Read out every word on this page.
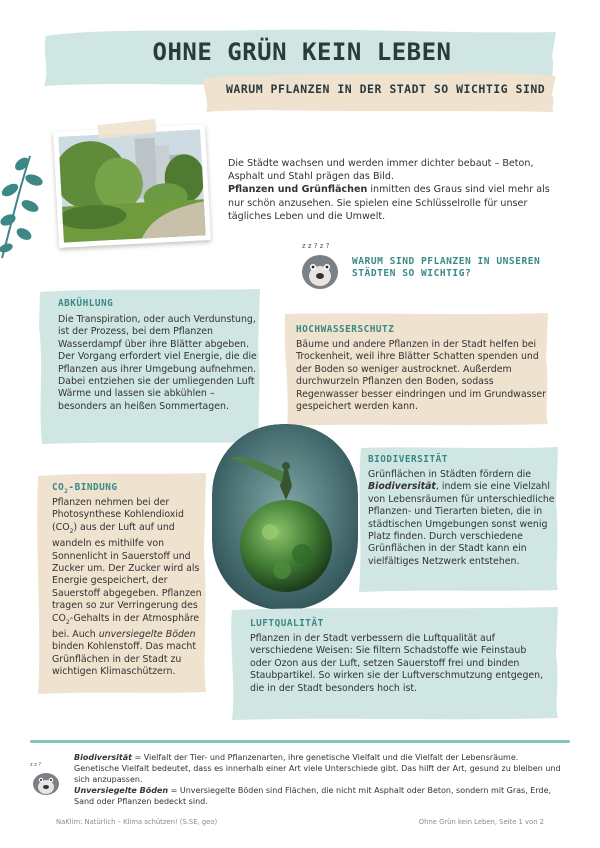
OHNE GRÜN KEIN LEBEN
WARUM PFLANZEN IN DER STADT SO WICHTIG SIND
Die Städte wachsen und werden immer dichter bebaut – Beton, Asphalt und Stahl prägen das Bild.
Pflanzen und Grünflächen inmitten des Graus sind viel mehr als nur schön anzusehen. Sie spielen eine Schlüsselrolle für unser tägliches Leben und die Umwelt.
z z ? z ?
WARUM SIND PFLANZEN IN UNSEREN STÄDTEN SO WICHTIG?
ABKÜHLUNG
Die Transpiration, oder auch Verdunstung, ist der Prozess, bei dem Pflanzen Wasserdampf über ihre Blätter abgeben. Der Vorgang erfordert viel Energie, die die Pflanzen aus ihrer Umgebung aufnehmen. Dabei entziehen sie der umliegenden Luft Wärme und lassen sie abkühlen – besonders an heißen Sommertagen.
HOCHWASSERSCHUTZ
Bäume und andere Pflanzen in der Stadt helfen bei Trockenheit, weil ihre Blätter Schatten spenden und der Boden so weniger austrocknet. Außerdem durchwurzeln Pflanzen den Boden, sodass Regenwasser besser eindringen und im Grundwasser gespeichert werden kann.
BIODIVERSITÄT
Grünflächen in Städten fördern die Biodiversität, indem sie eine Vielzahl von Lebensräumen für unterschiedliche Pflanzen- und Tierarten bieten, die in städtischen Umgebungen sonst wenig Platz finden. Durch verschiedene Grünflächen in der Stadt kann ein vielfältiges Netzwerk entstehen.
$CO_2$-BINDUNG
Pflanzen nehmen bei der Photosynthese Kohlendioxid $(CO_2)$ aus der Luft auf und wandeln es mithilfe von Sonnenlicht in Sauerstoff und Zucker um. Der Zucker wird als Energie gespeichert, der Sauerstoff abgegeben. Pflanzen tragen so zur Verringerung des $CO_2$-Gehalts in der Atmosphäre bei. Auch unversiegelte Böden binden Kohlenstoff. Das macht Grünflächen in der Stadt zu wichtigen Klimaschützern.
LUFTQUALITÄT
Pflanzen in der Stadt verbessern die Luftqualität auf verschiedene Weisen: Sie filtern Schadstoffe wie Feinstaub oder Ozon aus der Luft, setzen Sauerstoff frei und binden Staubpartikel. So wirken sie der Luftverschmutzung entgegen, die in der Stadt besonders hoch ist.
z z ?
Biodiversität = Vielfalt der Tier- und Pflanzenarten, ihre genetische Vielfalt und die Vielfalt der Lebensräume. Genetische Vielfalt bedeutet, dass es innerhalb einer Art viele Unterschiede gibt. Das hilft der Art, gesund zu bleiben und sich anzupassen.
Unversiegelte Böden = Unversiegelte Böden sind Flächen, die nicht mit Asphalt oder Beton, sondern mit Gras, Erde, Sand oder Pflanzen bedeckt sind.
NaKlim: Natürlich – Klima schützen! (S.SE, geo)	Ohne Grün kein Leben, Seite 1 von 2
